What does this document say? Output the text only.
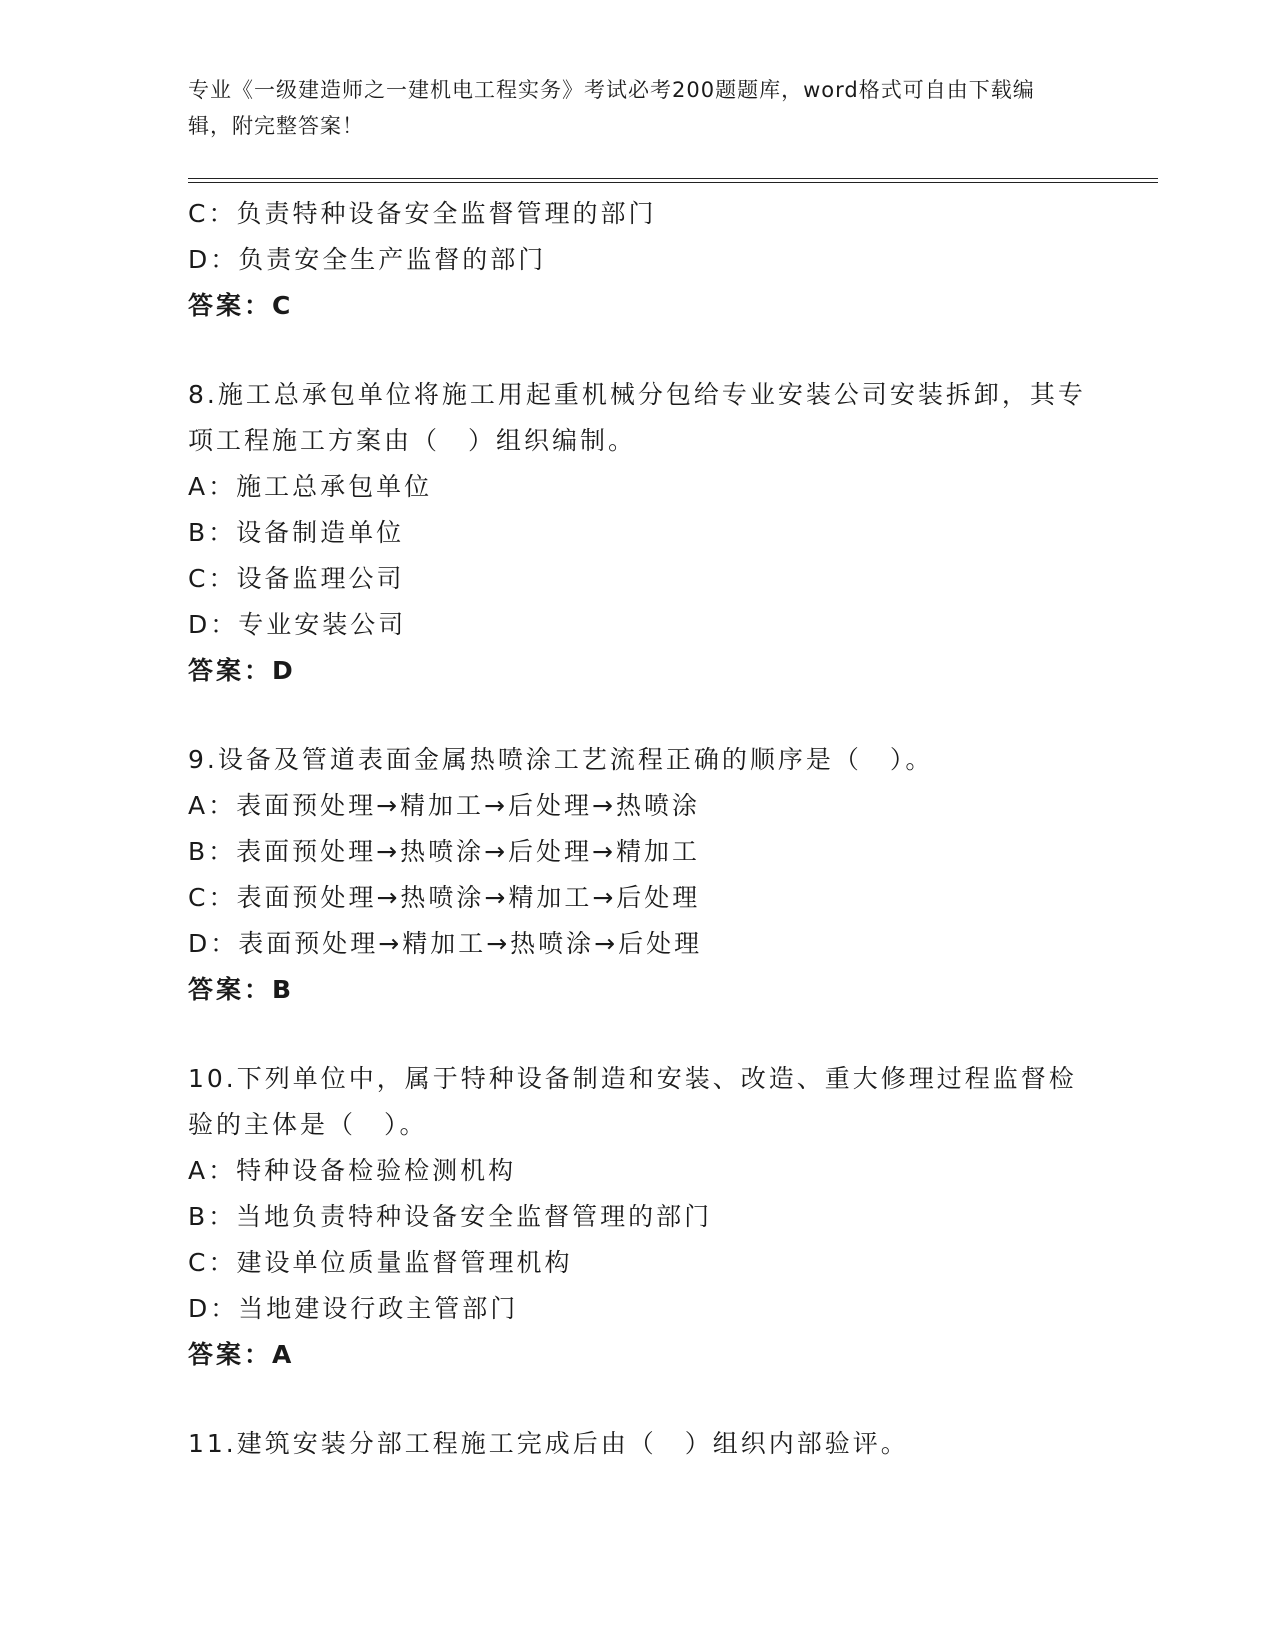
专业《一级建造师之一建机电工程实务》考试必考200题题库，word格式可自由下载编辑，附完整答案！
C：负责特种设备安全监督管理的部门
D：负责安全生产监督的部门
答案：C
8.施工总承包单位将施工用起重机械分包给专业安装公司安装拆卸，其专项工程施工方案由（　）组织编制。
A：施工总承包单位
B：设备制造单位
C：设备监理公司
D：专业安装公司
答案：D
9.设备及管道表面金属热喷涂工艺流程正确的顺序是（　）。
A：表面预处理→精加工→后处理→热喷涂
B：表面预处理→热喷涂→后处理→精加工
C：表面预处理→热喷涂→精加工→后处理
D：表面预处理→精加工→热喷涂→后处理
答案：B
10.下列单位中，属于特种设备制造和安装、改造、重大修理过程监督检验的主体是（　）。
A：特种设备检验检测机构
B：当地负责特种设备安全监督管理的部门
C：建设单位质量监督管理机构
D：当地建设行政主管部门
答案：A
11.建筑安装分部工程施工完成后由（　）组织内部验评。
